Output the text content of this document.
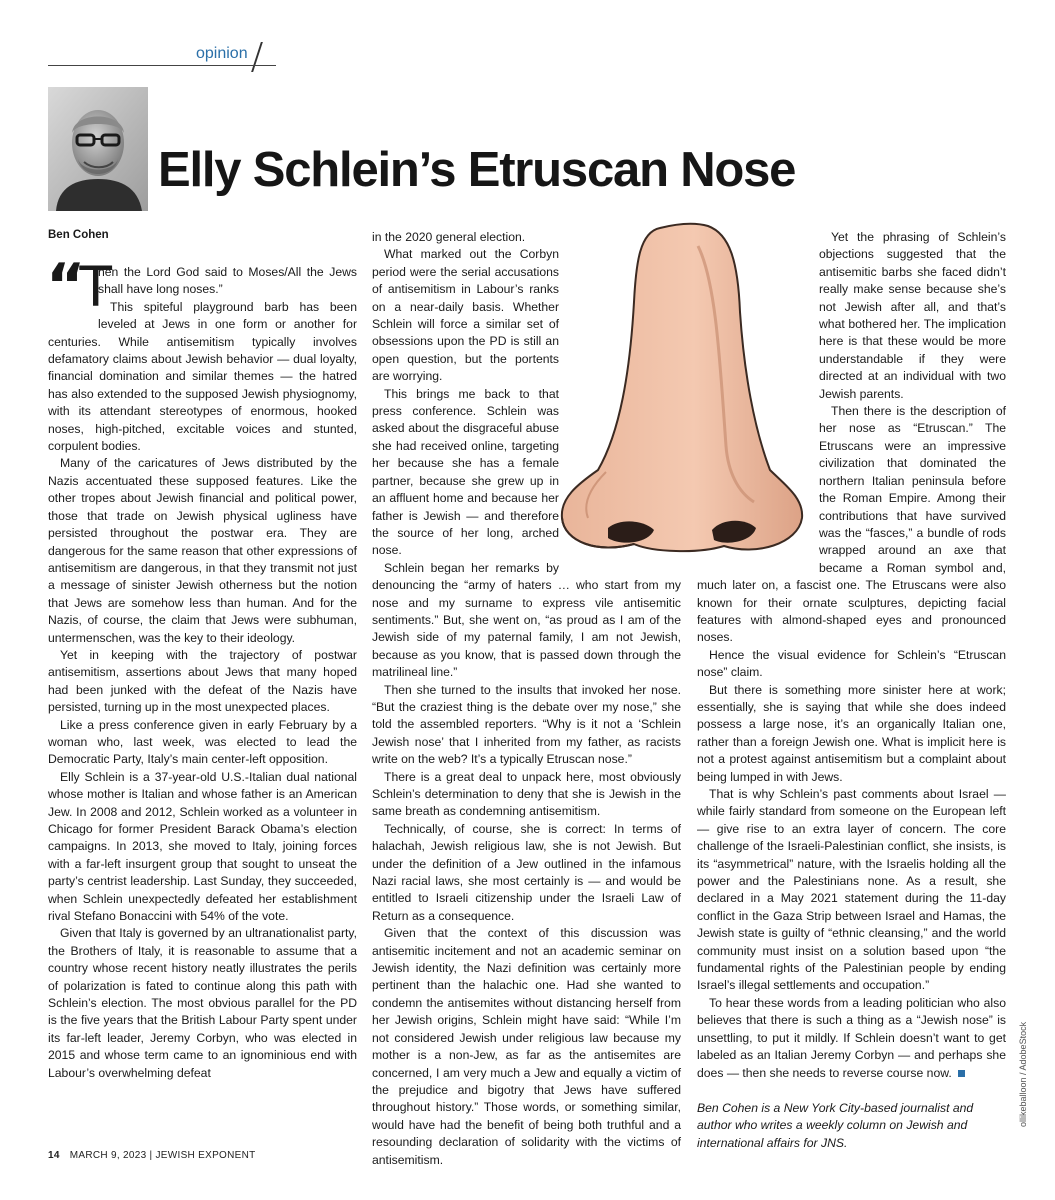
opinion
Elly Schlein’s Etruscan Nose
Ben Cohen
“
T

hen the Lord God said to Moses/All the Jews shall have long noses.”

This spiteful playground barb has been leveled at Jews in one form or another for centuries. While antisemitism typically involves defamatory claims about Jewish behavior — dual loyalty, financial domination and similar themes — the hatred has also extended to the supposed Jewish physiognomy, with its attendant stereotypes of enormous, hooked noses, high-pitched, excitable voices and stunted, corpulent bodies.

Many of the caricatures of Jews distributed by the Nazis accentuated these supposed features. Like the other tropes about Jewish financial and political power, those that trade on Jewish physical ugliness have persisted throughout the postwar era. They are dangerous for the same reason that other expressions of antisemitism are dangerous, in that they transmit not just a message of sinister Jewish otherness but the notion that Jews are somehow less than human. And for the Nazis, of course, the claim that Jews were subhuman, untermenschen, was the key to their ideology.

Yet in keeping with the trajectory of postwar antisemitism, assertions about Jews that many hoped had been junked with the defeat of the Nazis have persisted, turning up in the most unexpected places.

Like a press conference given in early February by a woman who, last week, was elected to lead the Democratic Party, Italy’s main center-left opposition.

Elly Schlein is a 37-year-old U.S.-Italian dual national whose mother is Italian and whose father is an American Jew. In 2008 and 2012, Schlein worked as a volunteer in Chicago for former President Barack Obama’s election campaigns. In 2013, she moved to Italy, joining forces with a far-left insurgent group that sought to unseat the party’s centrist leadership. Last Sunday, they succeeded, when Schlein unexpectedly defeated her establishment rival Stefano Bonaccini with 54% of the vote.

Given that Italy is governed by an ultranationalist party, the Brothers of Italy, it is reasonable to assume that a country whose recent history neatly illustrates the perils of polarization is fated to continue along this path with Schlein’s election. The most obvious parallel for the PD is the five years that the British Labour Party spent under its far-left leader, Jeremy Corbyn, who was elected in 2015 and whose term came to an ignominious end with Labour’s overwhelming defeat

in the 2020 general election.

What marked out the Corbyn period were the serial accusations of antisemitism in Labour’s ranks on a near-daily basis. Whether Schlein will force a similar set of obsessions upon the PD is still an open question, but the portents are worrying.

This brings me back to that press conference. Schlein was asked about the disgraceful abuse she had received online, targeting her because she has a female partner, because she grew up in an affluent home and because her father is Jewish — and therefore the source of her long, arched nose.

Schlein began her remarks by denouncing the “army of haters … who start from my nose and my surname to express vile antisemitic sentiments.” But, she went on, “as proud as I am of the Jewish side of my paternal family, I am not Jewish, because as you know, that is passed down through the matrilineal line.”

Then she turned to the insults that invoked her nose. “But the craziest thing is the debate over my nose,” she told the assembled reporters. “Why is it not a ‘Schlein Jewish nose’ that I inherited from my father, as racists write on the web? It’s a typically Etruscan nose.”

There is a great deal to unpack here, most obviously Schlein’s determination to deny that she is Jewish in the same breath as condemning antisemitism.

Technically, of course, she is correct: In terms of halachah, Jewish religious law, she is not Jewish. But under the definition of a Jew outlined in the infamous Nazi racial laws, she most certainly is — and would be entitled to Israeli citizenship under the Israeli Law of Return as a consequence.

Given that the context of this discussion was antisemitic incitement and not an academic seminar on Jewish identity, the Nazi definition was certainly more pertinent than the halachic one. Had she wanted to condemn the antisemites without distancing herself from her Jewish origins, Schlein might have said: “While I’m not considered Jewish under religious law because my mother is a non-Jew, as far as the antisemites are concerned, I am very much a Jew and equally a victim of the prejudice and bigotry that Jews have suffered throughout history.” Those words, or something similar, would have had the benefit of being both truthful and a resounding declaration of solidarity with the victims of antisemitism.

Yet the phrasing of Schlein’s objections suggested that the antisemitic barbs she faced didn’t really make sense because she’s not Jewish after all, and that’s what bothered her. The implication here is that these would be more understandable if they were directed at an individual with two Jewish parents.

Then there is the description of her nose as “Etruscan.” The Etruscans were an impressive civilization that dominated the northern Italian peninsula before the Roman Empire. Among their contributions that have survived was the “fasces,” a bundle of rods wrapped around an axe that became a Roman symbol and, much later on, a fascist one. The Etruscans were also known for their ornate sculptures, depicting facial features with almond-shaped eyes and pronounced noses.

Hence the visual evidence for Schlein’s “Etruscan nose” claim.

But there is something more sinister here at work; essentially, she is saying that while she does indeed possess a large nose, it’s an organically Italian one, rather than a foreign Jewish one. What is implicit here is not a protest against antisemitism but a complaint about being lumped in with Jews.

That is why Schlein’s past comments about Israel — while fairly standard from someone on the European left — give rise to an extra layer of concern. The core challenge of the Israeli-Palestinian conflict, she insists, is its “asymmetrical” nature, with the Israelis holding all the power and the Palestinians none. As a result, she declared in a May 2021 statement during the 11-day conflict in the Gaza Strip between Israel and Hamas, the Jewish state is guilty of “ethnic cleansing,” and the world community must insist on a solution based upon “the fundamental rights of the Palestinian people by ending Israel’s illegal settlements and occupation.”

To hear these words from a leading politician who also believes that there is such a thing as a “Jewish nose” is unsettling, to put it mildly. If Schlein doesn’t want to get labeled as an Italian Jeremy Corbyn — and perhaps she does — then she needs to reverse course now.

Ben Cohen is a New York City-based journalist and author who writes a weekly column on Jewish and international affairs for JNS.

ollikeballoon / AdobeStock
14 MARCH 9, 2023 | JEWISH EXPONENT
